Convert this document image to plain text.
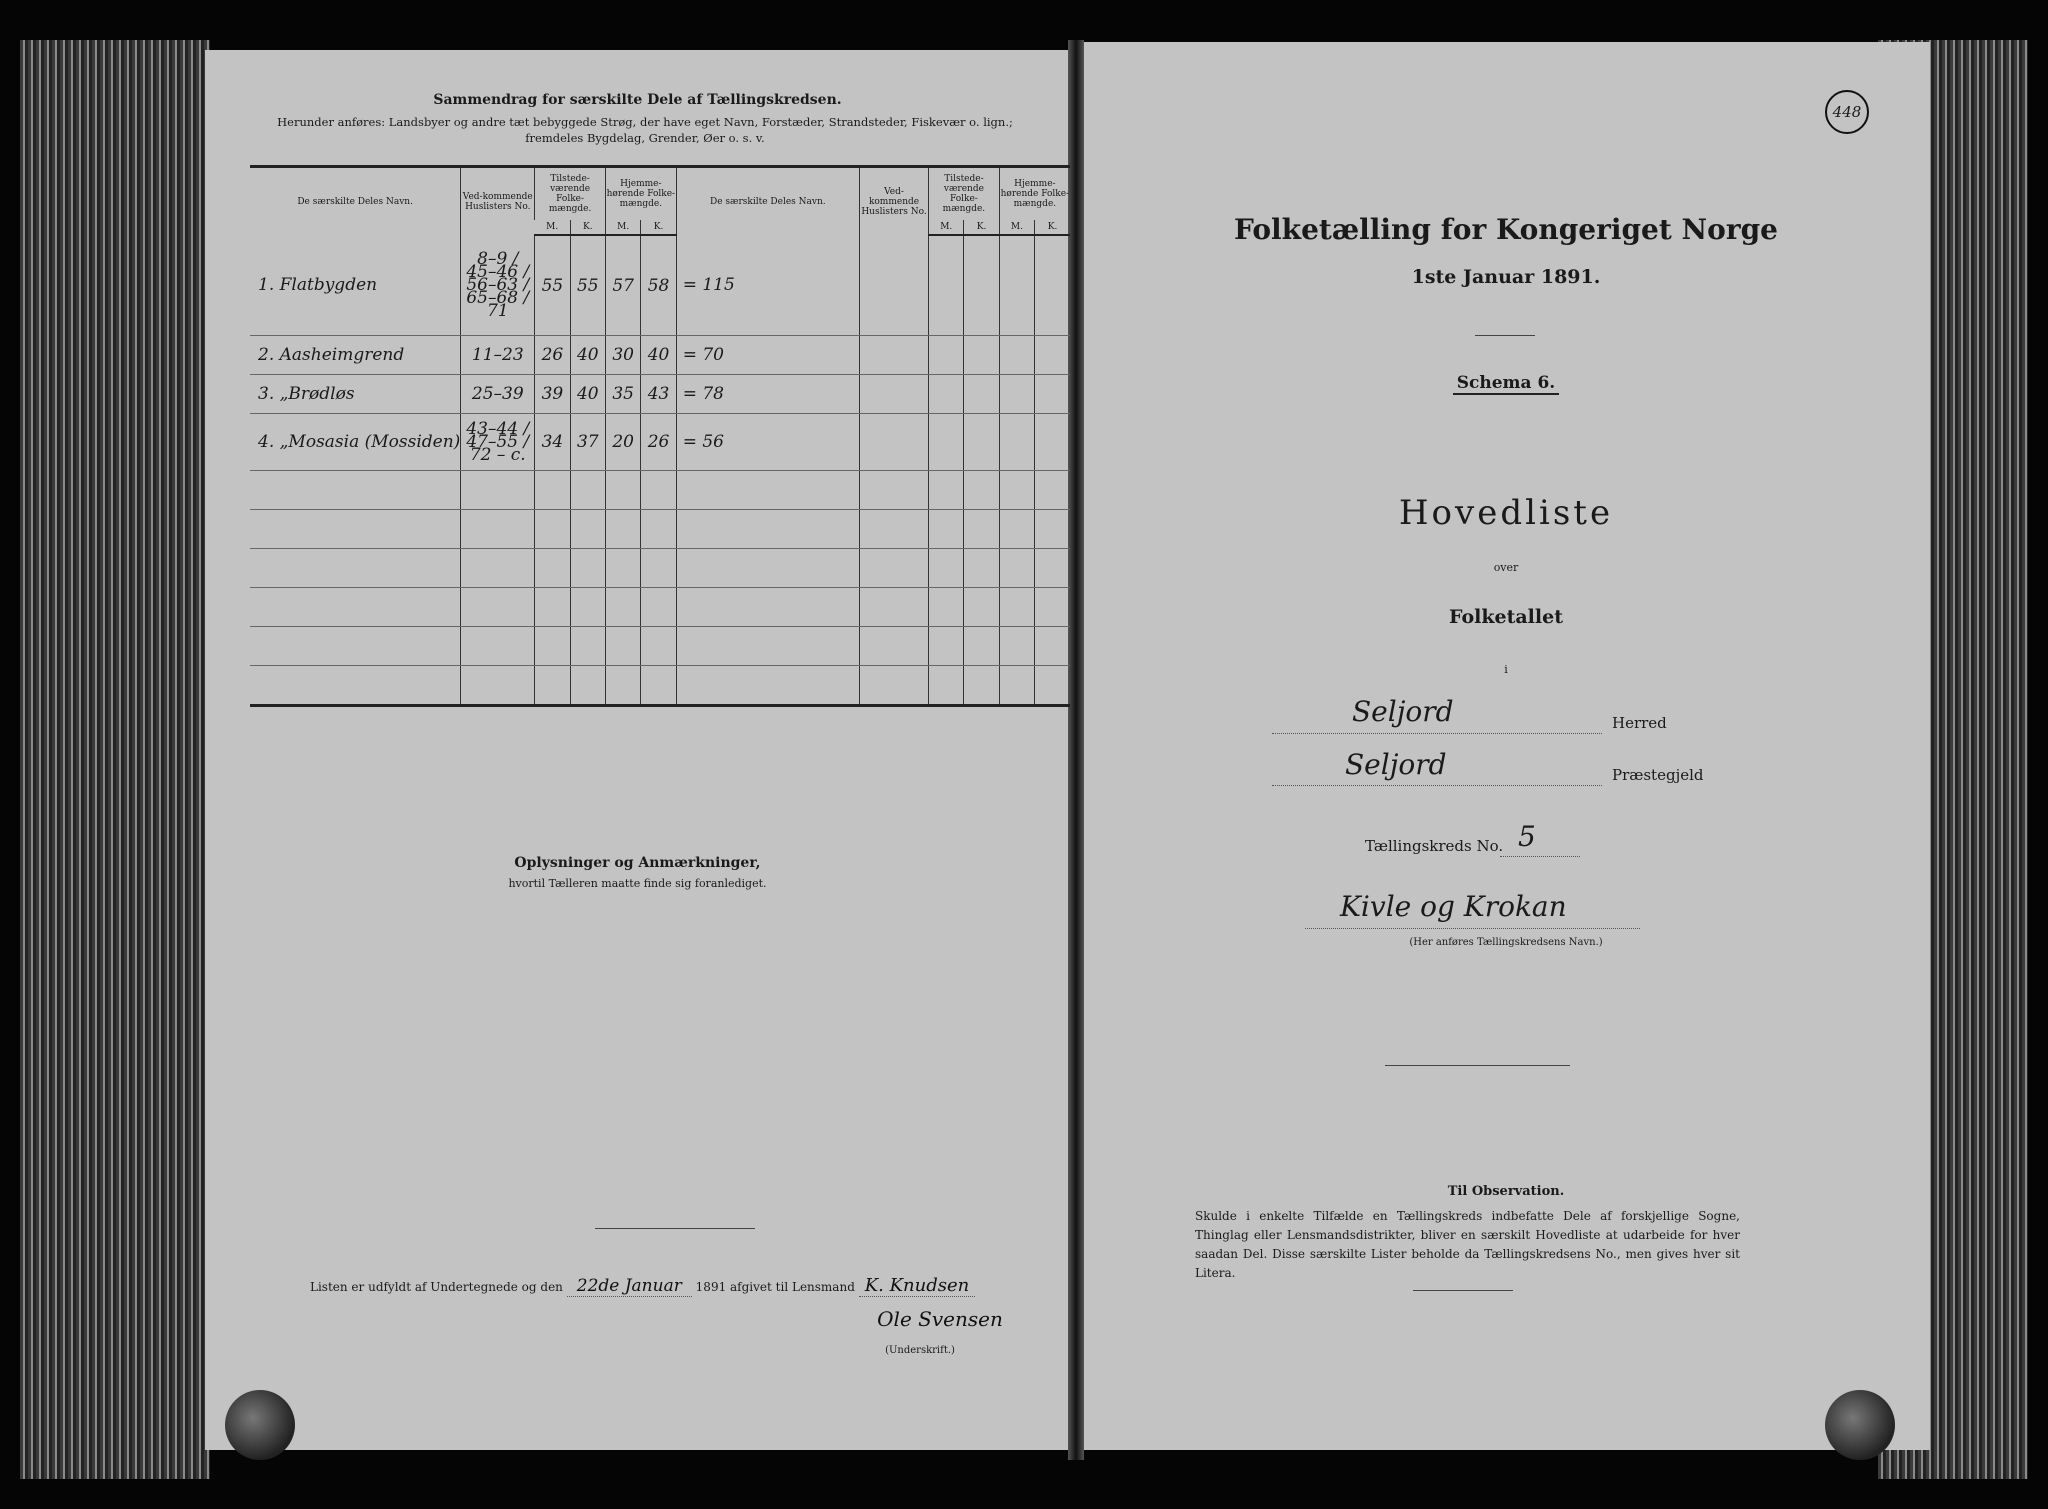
Sammendrag for særskilte Dele af Tællingskredsen.
Herunder anføres: Landsbyer og andre tæt bebyggede Strøg, der have eget Navn, Forstæder, Strandsteder, Fiskevær o. lign.; fremdeles Bygdelag, Grender, Øer o. s. v.
De særskilte Deles Navn.	Ved-kommende Huslisters No.	Tilstede-værende Folke-mængde.		Hjemme-hørende Folke-mængde.		De særskilte Deles Navn.	Ved-kommende Huslisters No.	Tilstede-værende Folke-mængde.		Hjemme-hørende Folke-mængde.	
		M.	K.	M.	K.			M.	K.	M.	K.
1. Flatbygden	8–9 / 45–46 / 56–63 / 65–68 / 71	55	55	57	58	= 115					
2. Aasheimgrend	11–23	26	40	30	40	= 70					
3. „Brødløs	25–39	39	40	35	43	= 78					
4. „Mosasia (Mossiden)	43–44 / 47–55 / 72 – c.	34	37	20	26	= 56					

Oplysninger og Anmærkninger,
hvortil Tælleren maatte finde sig foranlediget.
Listen er udfyldt af Undertegnede og den 22de Januar 1891 afgivet til Lensmand K. Knudsen
Ole Svensen
(Underskrift.)
448
Folketælling for Kongeriget Norge
1ste Januar 1891.
Schema 6.
Hovedliste
over
Folketallet
i
Seljord	Herred
Seljord	Præstegjeld
Tællingskreds No. 5
Kivle og Krokan
(Her anføres Tællingskredsens Navn.)
Til Observation.
Skulde i enkelte Tilfælde en Tællingskreds indbefatte Dele af forskjellige Sogne, Thinglag eller Lensmandsdistrikter, bliver en særskilt Hovedliste at udarbeide for hver saadan Del. Disse særskilte Lister beholde da Tællingskredsens No., men gives hver sit Litera.
